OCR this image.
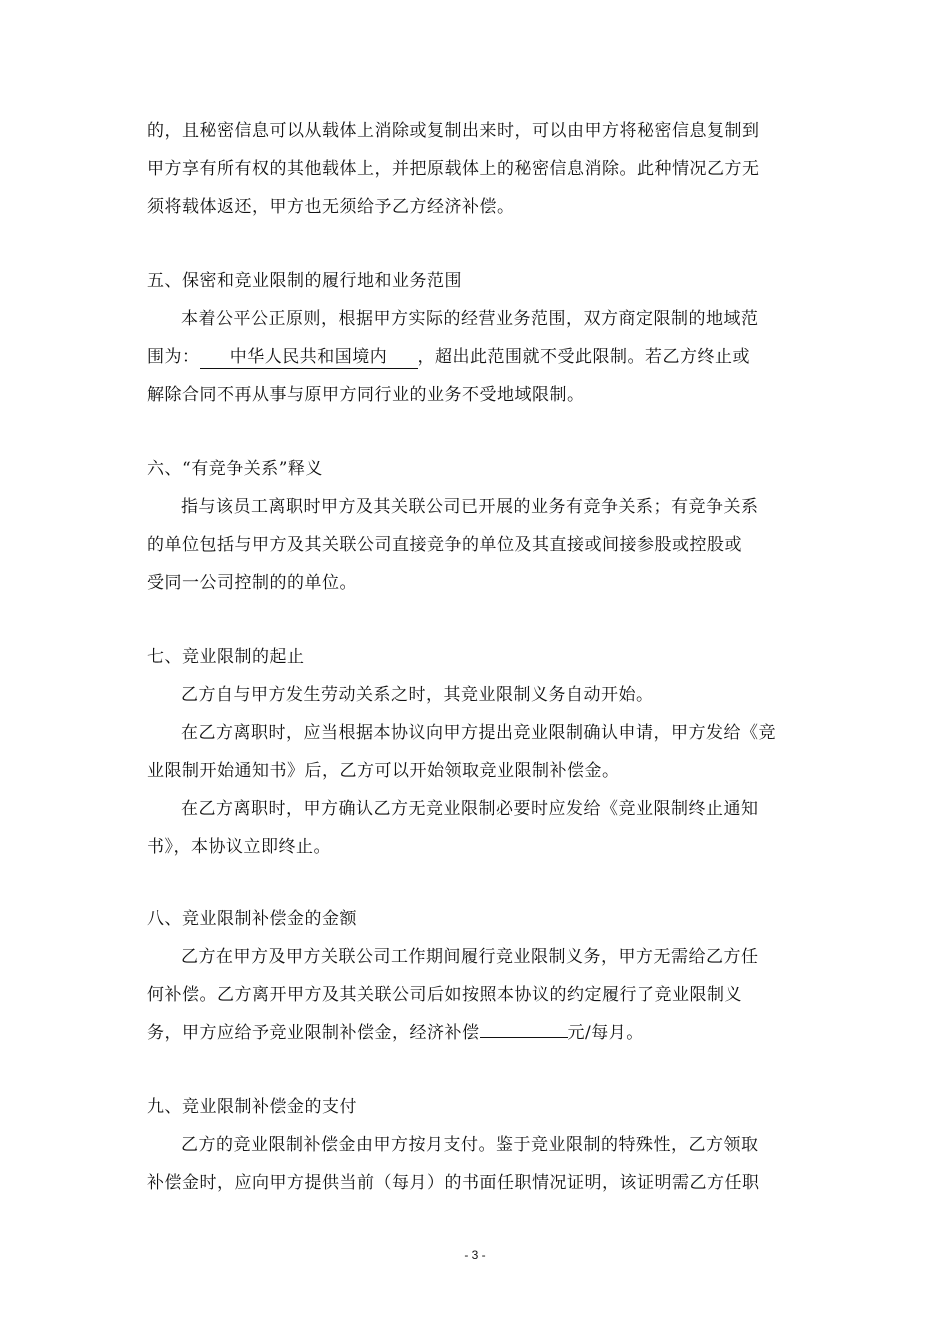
的，且秘密信息可以从载体上消除或复制出来时，可以由甲方将秘密信息复制到
甲方享有所有权的其他载体上，并把原载体上的秘密信息消除。此种情况乙方无
须将载体返还，甲方也无须给予乙方经济补偿。
五、保密和竞业限制的履行地和业务范围
本着公平公正原则，根据甲方实际的经营业务范围，双方商定限制的地域范
围为： 中华人民共和国境内 ，超出此范围就不受此限制。若乙方终止或
解除合同不再从事与原甲方同行业的业务不受地域限制。
六、“有竞争关系”释义
指与该员工离职时甲方及其关联公司已开展的业务有竞争关系；有竞争关系
的单位包括与甲方及其关联公司直接竞争的单位及其直接或间接参股或控股或
受同一公司控制的的单位。
七、竞业限制的起止
乙方自与甲方发生劳动关系之时，其竞业限制义务自动开始。
在乙方离职时，应当根据本协议向甲方提出竞业限制确认申请，甲方发给《竞
业限制开始通知书》后，乙方可以开始领取竞业限制补偿金。
在乙方离职时，甲方确认乙方无竞业限制必要时应发给《竞业限制终止通知
书》，本协议立即终止。
八、竞业限制补偿金的金额
乙方在甲方及甲方关联公司工作期间履行竞业限制义务，甲方无需给乙方任
何补偿。乙方离开甲方及其关联公司后如按照本协议的约定履行了竞业限制义
务，甲方应给予竞业限制补偿金，经济补偿	元/每月。
九、竞业限制补偿金的支付
乙方的竞业限制补偿金由甲方按月支付。鉴于竞业限制的特殊性，乙方领取
补偿金时，应向甲方提供当前（每月）的书面任职情况证明，该证明需乙方任职
- 3 -
